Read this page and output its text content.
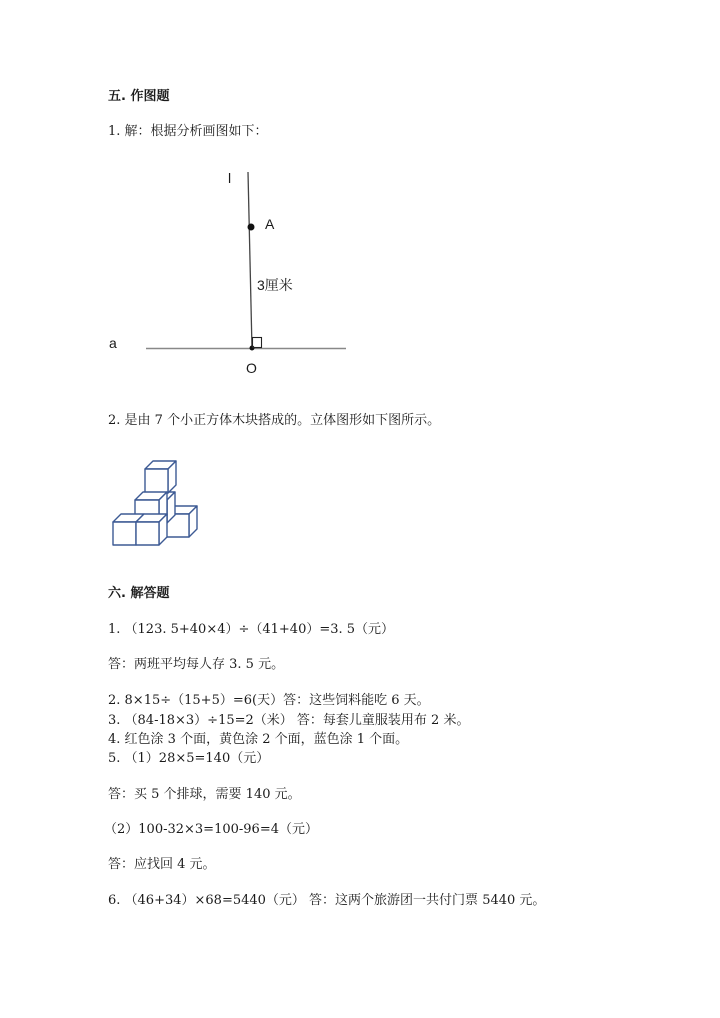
五. 作图题
1. 解：根据分析画图如下：
l
A
3厘米
a
O
2. 是由 7 个小正方体木块搭成的。立体图形如下图所示。
六. 解答题
1. （123. 5+40×4）÷（41+40）=3. 5（元）
答：两班平均每人存 3. 5 元。
2. 8×15÷（15+5）=6(天）答：这些饲料能吃 6 天。
3. （84-18×3）÷15=2（米） 答：每套儿童服装用布 2 米。
4. 红色涂 3 个面，黄色涂 2 个面，蓝色涂 1 个面。
5. （1）28×5=140（元）
答：买 5 个排球，需要 140 元。
（2）100-32×3=100-96=4（元）
答：应找回 4 元。
6. （46+34）×68=5440（元） 答：这两个旅游团一共付门票 5440 元。
